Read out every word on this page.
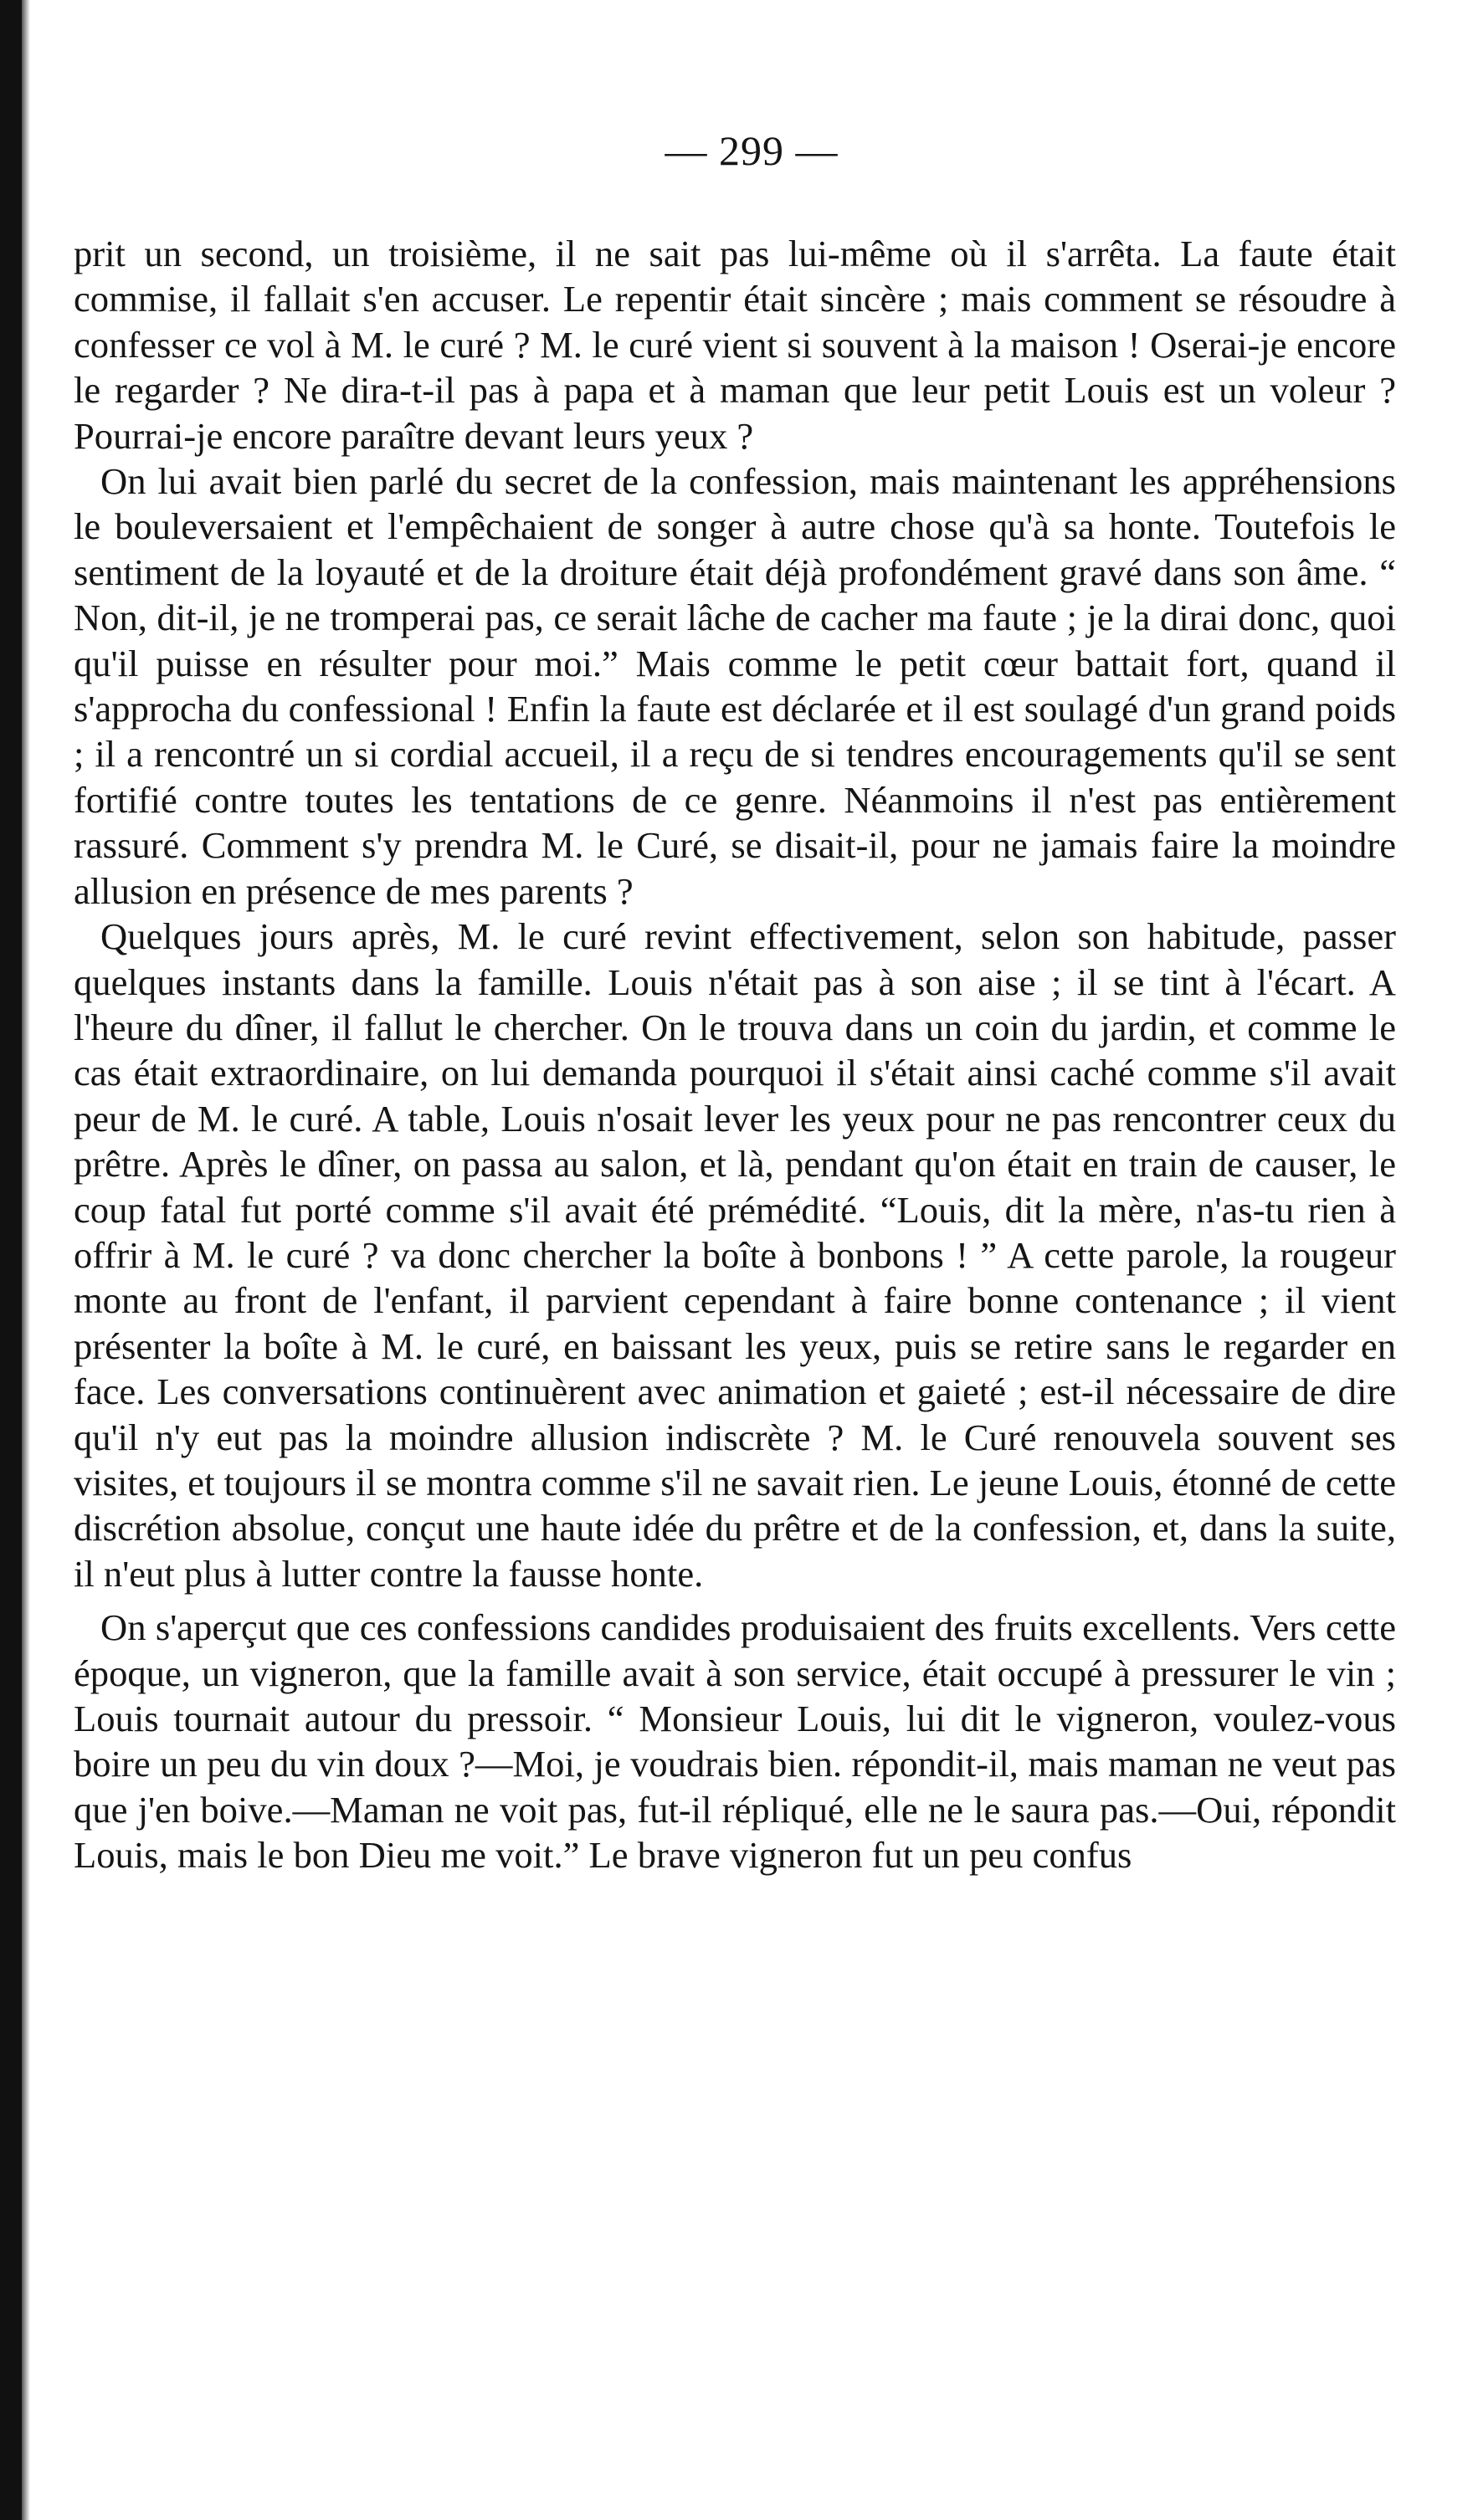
— 299 —

prit un second, un troisième, il ne sait pas lui-même où il s'arrêta. La faute était commise, il fallait s'en accuser. Le repentir était sincère ; mais comment se résoudre à confesser ce vol à M. le curé ? M. le curé vient si souvent à la maison ! Oserai-je encore le regarder ? Ne dira-t-il pas à papa et à maman que leur petit Louis est un voleur ? Pourrai-je encore paraître devant leurs yeux ?

On lui avait bien parlé du secret de la confession, mais maintenant les appréhensions le bouleversaient et l'empêchaient de songer à autre chose qu'à sa honte. Toutefois le sentiment de la loyauté et de la droiture était déjà profondément gravé dans son âme. “ Non, dit-il, je ne tromperai pas, ce serait lâche de cacher ma faute ; je la dirai donc, quoi qu'il puisse en résulter pour moi.” Mais comme le petit cœur battait fort, quand il s'approcha du confessional ! Enfin la faute est déclarée et il est soulagé d'un grand poids ; il a rencontré un si cordial accueil, il a reçu de si tendres encouragements qu'il se sent fortifié contre toutes les tentations de ce genre. Néanmoins il n'est pas entièrement rassuré. Comment s'y prendra M. le Curé, se disait-il, pour ne jamais faire la moindre allusion en présence de mes parents ?

Quelques jours après, M. le curé revint effectivement, selon son habitude, passer quelques instants dans la famille. Louis n'était pas à son aise ; il se tint à l'écart. A l'heure du dîner, il fallut le chercher. On le trouva dans un coin du jardin, et comme le cas était extraordinaire, on lui demanda pourquoi il s'était ainsi caché comme s'il avait peur de M. le curé. A table, Louis n'osait lever les yeux pour ne pas rencontrer ceux du prêtre. Après le dîner, on passa au salon, et là, pendant qu'on était en train de causer, le coup fatal fut porté comme s'il avait été prémédité. “Louis, dit la mère, n'as-tu rien à offrir à M. le curé ? va donc chercher la boîte à bonbons ! ” A cette parole, la rougeur monte au front de l'enfant, il parvient cependant à faire bonne contenance ; il vient présenter la boîte à M. le curé, en baissant les yeux, puis se retire sans le regarder en face. Les conversations continuèrent avec animation et gaieté ; est-il nécessaire de dire qu'il n'y eut pas la moindre allusion indiscrète ? M. le Curé renouvela souvent ses visites, et toujours il se montra comme s'il ne savait rien. Le jeune Louis, étonné de cette discrétion absolue, conçut une haute idée du prêtre et de la confession, et, dans la suite, il n'eut plus à lutter contre la fausse honte.

On s'aperçut que ces confessions candides produisaient des fruits excellents. Vers cette époque, un vigneron, que la famille avait à son service, était occupé à pressurer le vin ; Louis tournait autour du pressoir. “ Monsieur Louis, lui dit le vigneron, voulez-vous boire un peu du vin doux ?—Moi, je voudrais bien. répondit-il, mais maman ne veut pas que j'en boive.—Maman ne voit pas, fut-il répliqué, elle ne le saura pas.—Oui, répondit Louis, mais le bon Dieu me voit.” Le brave vigneron fut un peu confus
